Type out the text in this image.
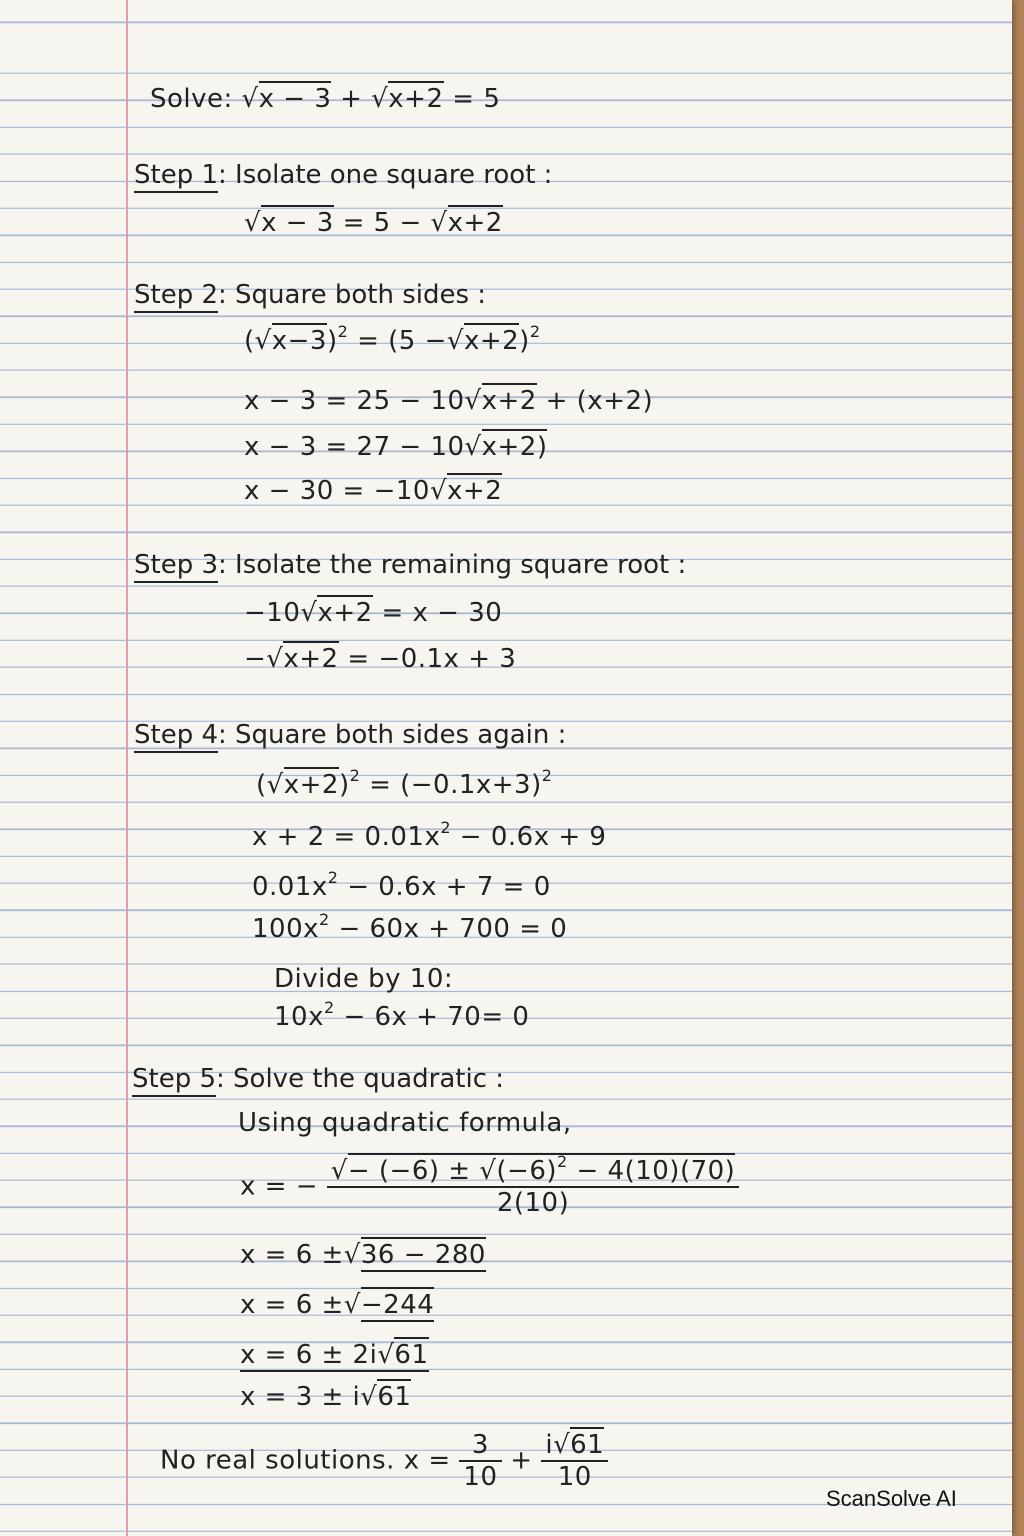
Solve: √x − 3 + √x+2 = 5
Step 1: Isolate one square root :
√x − 3 = 5 − √x+2
Step 2: Square both sides :
$(√x-3)^2 = (5 -√x+2)^2$
x − 3 = 25 − 10√x+2 + (x+2)
x − 3 = 27 − 10√x+2)
x − 30 = −10√x+2
Step 3: Isolate the remaining square root :
−10√x+2 = x − 30
−√x+2 = −0.1x + 3
Step 4: Square both sides again :
$(√x+2)^2 = (-0.1x+3)^2$
$x + 2 = 0.01x^2 - 0.6x + 9$
$0.01x^2 - 0.6x + 7 = 0$
$100x^2 - 60x + 700 = 0$
Divide by 10:
$10x^2 - 6x + 70= 0$
Step 5: Solve the quadratic :
Using quadratic formula,
x = − $\frac{√- (-6) \pm √(-6)^2 - 4(10)(70)}{2(10)}$
x = 6 ±√36 − 280
x = 6 ±√−244
x = 6 ± 2i√61
x = 3 ± i√61
No real solutions. $x = \frac{3}{10} + \frac{i√61}{10}$
ScanSolve AI
